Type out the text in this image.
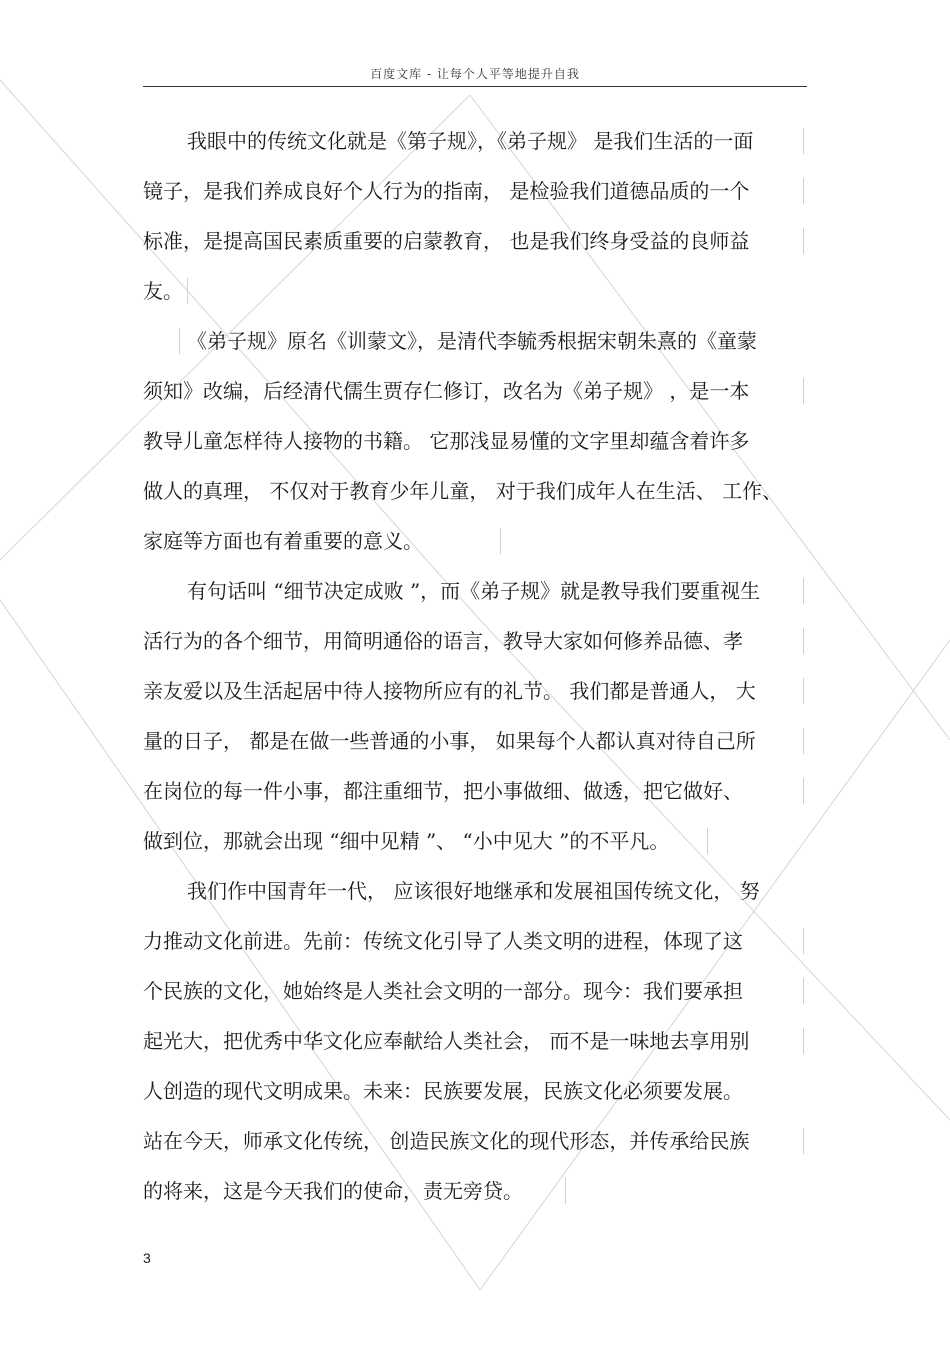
百度文库 - 让每个人平等地提升自我
我眼中的传统文化就是《第子规》，《弟子规》 是我们生活的一面
镜子，是我们养成良好个人行为的指南， 是检验我们道德品质的一个
标准，是提高国民素质重要的启蒙教育， 也是我们终身受益的良师益
友。
《弟子规》原名《训蒙文》，是清代李毓秀根据宋朝朱熹的《童蒙
须知》改编，后经清代儒生贾存仁修订，改名为《弟子规》 ，是一本
教导儿童怎样待人接物的书籍。 它那浅显易懂的文字里却蕴含着许多
做人的真理， 不仅对于教育少年儿童， 对于我们成年人在生活、 工作、
家庭等方面也有着重要的意义。
有句话叫 “细节决定成败 ”，而《弟子规》就是教导我们要重视生
活行为的各个细节，用简明通俗的语言，教导大家如何修养品德、孝
亲友爱以及生活起居中待人接物所应有的礼节。 我们都是普通人， 大
量的日子， 都是在做一些普通的小事， 如果每个人都认真对待自己所
在岗位的每一件小事，都注重细节，把小事做细、做透，把它做好、
做到位，那就会出现 “细中见精 ”、 “小中见大 ”的不平凡。
我们作中国青年一代， 应该很好地继承和发展祖国传统文化， 努
力推动文化前进。先前：传统文化引导了人类文明的进程，体现了这
个民族的文化，她始终是人类社会文明的一部分。现今：我们要承担
起光大，把优秀中华文化应奉献给人类社会， 而不是一味地去享用别
人创造的现代文明成果。未来：民族要发展，民族文化必须要发展。
站在今天，师承文化传统， 创造民族文化的现代形态，并传承给民族
的将来，这是今天我们的使命，责无旁贷。
3
